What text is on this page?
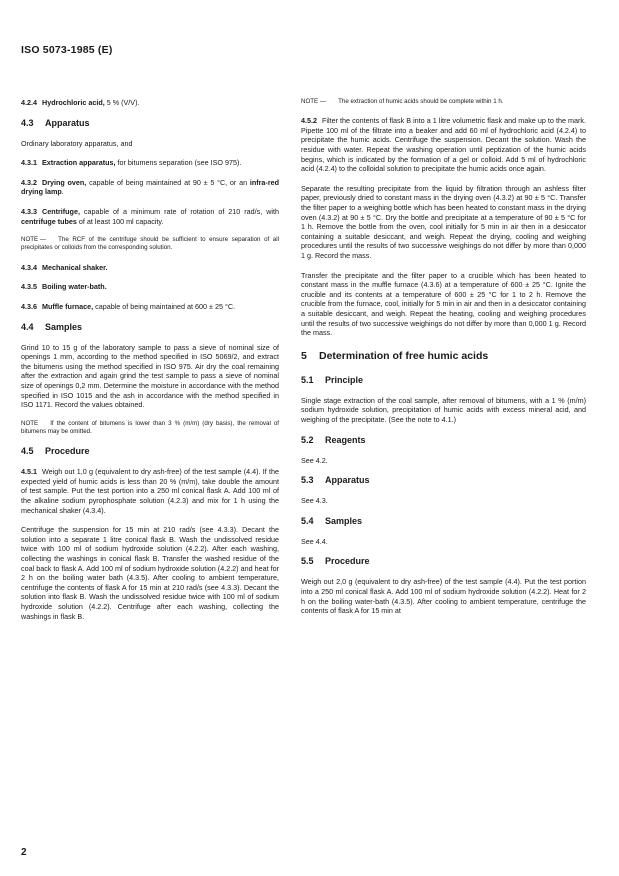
ISO 5073-1985 (E)
4.2.4 Hydrochloric acid, 5 % (V/V).
4.3 Apparatus
Ordinary laboratory apparatus, and
4.3.1 Extraction apparatus, for bitumens separation (see ISO 975).
4.3.2 Drying oven, capable of being maintained at 90 ± 5 °C, or an infra-red drying lamp.
4.3.3 Centrifuge, capable of a minimum rate of rotation of 210 rad/s, with centrifuge tubes of at least 100 ml capacity.
NOTE — The RCF of the centrifuge should be sufficient to ensure separation of all precipitates or colloids from the corresponding solution.
4.3.4 Mechanical shaker.
4.3.5 Boiling water-bath.
4.3.6 Muffle furnace, capable of being maintained at 600 ± 25 °C.
4.4 Samples
Grind 10 to 15 g of the laboratory sample to pass a sieve of nominal size of openings 1 mm, according to the method specified in ISO 5069/2, and extract the bitumens using the method specified in ISO 975. Air dry the coal remaining after the extraction and again grind the test sample to pass a sieve of nominal size of openings 0,2 mm. Determine the moisture in accordance with the method specified in ISO 1015 and the ash in accordance with the method specified in ISO 1171. Record the values obtained.
NOTE If the content of bitumens is lower than 3 % (m/m) (dry basis), the removal of bitumens may be omitted.
4.5 Procedure
4.5.1 Weigh out 1,0 g (equivalent to dry ash-free) of the test sample (4.4). If the expected yield of humic acids is less than 20 % (m/m), take double the amount of test sample. Put the test portion into a 250 ml conical flask A. Add 100 ml of the alkaline sodium pyrophosphate solution (4.2.3) and mix for 1 h using the mechanical shaker (4.3.4).
Centrifuge the suspension for 15 min at 210 rad/s (see 4.3.3). Decant the solution into a separate 1 litre conical flask B. Wash the undissolved residue twice with 100 ml of sodium hydroxide solution (4.2.2). After each washing, collecting the washings in conical flask B. Transfer the washed residue of the coal back to flask A. Add 100 ml of sodium hydroxide solution (4.2.2) and heat for 2 h on the boiling water bath (4.3.5). After cooling to ambient temperature, centrifuge the contents of flask A for 15 min at 210 rad/s (see 4.3.3). Decant the solution into flask B. Wash the undissolved residue twice with 100 ml of sodium hydroxide solution (4.2.2). Centrifuge after each washing, collecting the washings in flask B.
NOTE — The extraction of humic acids should be complete within 1 h.
4.5.2 Filter the contents of flask B into a 1 litre volumetric flask and make up to the mark. Pipette 100 ml of the filtrate into a beaker and add 60 ml of hydrochloric acid (4.2.4) to precipitate the humic acids. Centrifuge the suspension. Decant the solution. Wash the residue with water. Repeat the washing operation until peptization of the humic acids begins, which is indicated by the formation of a gel or colloid. Add 5 ml of hydrochloric acid (4.2.4) to the colloidal solution to precipitate the humic acids once again.
Separate the resulting precipitate from the liquid by filtration through an ashless filter paper, previously dried to constant mass in the drying oven (4.3.2) at 90 ± 5 °C. Transfer the filter paper to a weighing bottle which has been heated to constant mass in the drying oven (4.3.2) at 90 ± 5 °C. Dry the bottle and precipitate at a temperature of 90 ± 5 °C for 1 h. Remove the bottle from the oven, cool initially for 5 min in air then in a desiccator containing a suitable desiccant, and weigh. Repeat the drying, cooling and weighing procedures until the results of two successive weighings do not differ by more than 0,000 1 g. Record the mass.
Transfer the precipitate and the filter paper to a crucible which has been heated to constant mass in the muffle furnace (4.3.6) at a temperature of 600 ± 25 °C. Ignite the crucible and its contents at a temperature of 600 ± 25 °C for 1 to 2 h. Remove the crucible from the furnace, cool, initially for 5 min in air and then in a desiccator containing a suitable desiccant, and weigh. Repeat the heating, cooling and weighing procedures until the results of two successive weighings do not differ by more than 0,000 1 g. Record the mass.
5 Determination of free humic acids
5.1 Principle
Single stage extraction of the coal sample, after removal of bitumens, with a 1 % (m/m) sodium hydroxide solution, precipitation of humic acids with excess mineral acid, and weighing of the precipitate. (See the note to 4.1.)
5.2 Reagents
See 4.2.
5.3 Apparatus
See 4.3.
5.4 Samples
See 4.4.
5.5 Procedure
Weigh out 2,0 g (equivalent to dry ash-free) of the test sample (4.4). Put the test portion into a 250 ml conical flask A. Add 100 ml of sodium hydroxide solution (4.2.2). Heat for 2 h on the boiling water-bath (4.3.5). After cooling to ambient temperature, centrifuge the contents of flask A for 15 min at
2
